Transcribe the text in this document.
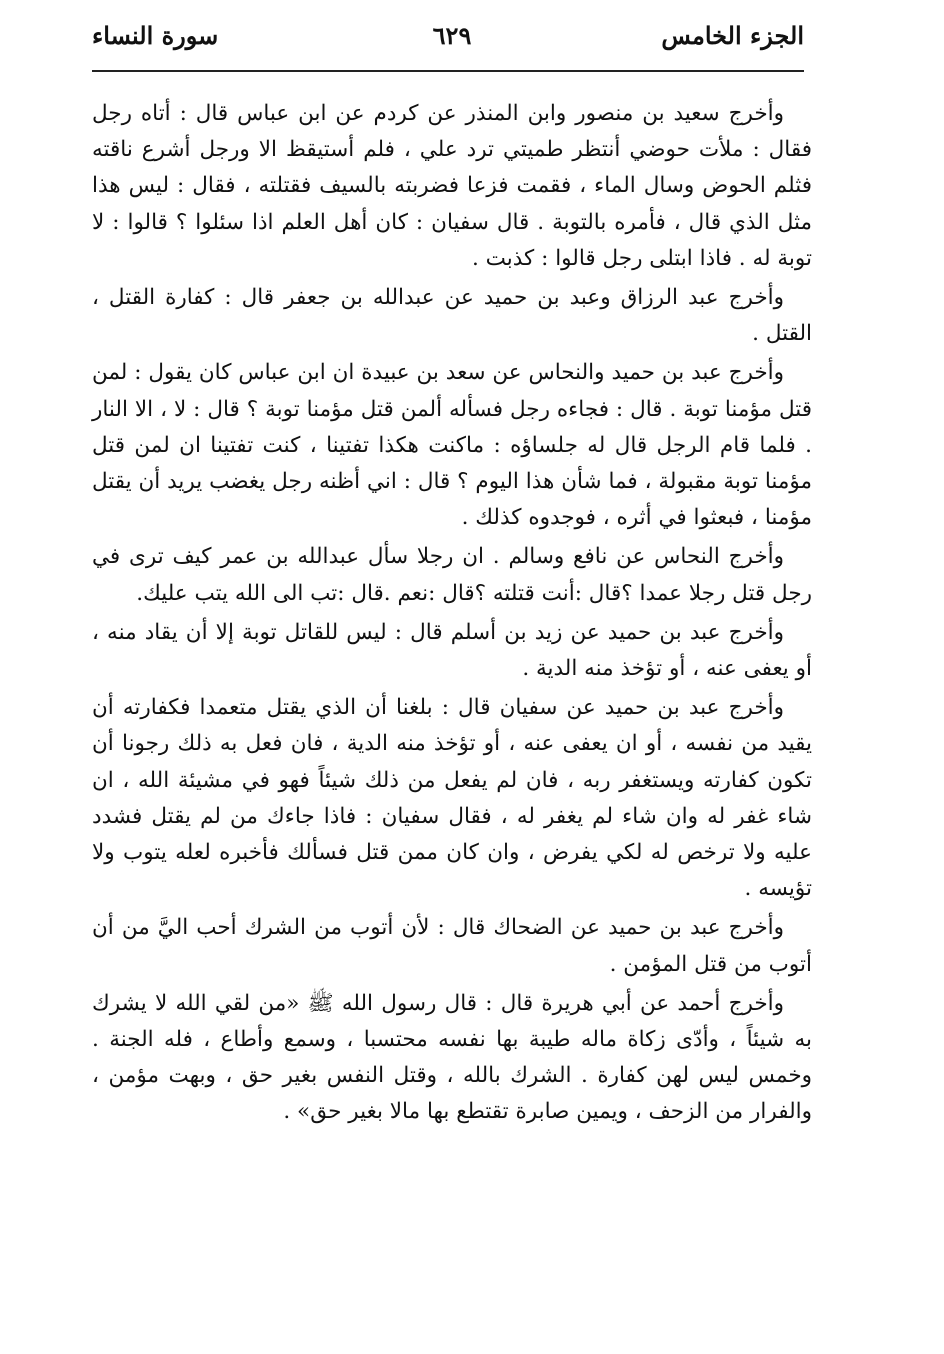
الجزء الخامس
٦٢٩
سورة النساء

وأخرج سعيد بن منصور وابن المنذر عن كردم عن ابن عباس قال : أتاه رجل فقال : ملأت حوضي أنتظر طميتي ترد علي ، فلم أستيقظ الا ورجل أشرع ناقته فثلم الحوض وسال الماء ، فقمت فزعا فضربته بالسيف فقتلته ، فقال : ليس هذا مثل الذي قال ، فأمره بالتوبة . قال سفيان : كان أهل العلم اذا سئلوا ؟ قالوا : لا توبة له . فاذا ابتلى رجل قالوا : كذبت .

وأخرج عبد الرزاق وعبد بن حميد عن عبدالله بن جعفر قال : كفارة القتل ، القتل .

وأخرج عبد بن حميد والنحاس عن سعد بن عبيدة ان ابن عباس كان يقول : لمن قتل مؤمنا توبة . قال : فجاءه رجل فسأله ألمن قتل مؤمنا توبة ؟ قال : لا ، الا النار . فلما قام الرجل قال له جلساؤه : ماكنت هكذا تفتينا ، كنت تفتينا ان لمن قتل مؤمنا توبة مقبولة ، فما شأن هذا اليوم ؟ قال : اني أظنه رجل يغضب يريد أن يقتل مؤمنا ، فبعثوا في أثره ، فوجدوه كذلك .

وأخرج النحاس عن نافع وسالم . ان رجلا سأل عبدالله بن عمر كيف ترى في رجل قتل رجلا عمدا ؟قال :أنت قتلته ؟قال :نعم .قال :تب الى الله يتب عليك.

وأخرج عبد بن حميد عن زيد بن أسلم قال : ليس للقاتل توبة إلا أن يقاد منه ، أو يعفى عنه ، أو تؤخذ منه الدية .

وأخرج عبد بن حميد عن سفيان قال : بلغنا أن الذي يقتل متعمدا فكفارته أن يقيد من نفسه ، أو ان يعفى عنه ، أو تؤخذ منه الدية ، فان فعل به ذلك رجونا أن تكون كفارته ويستغفر ربه ، فان لم يفعل من ذلك شيئاً فهو في مشيئة الله ، ان شاء غفر له وان شاء لم يغفر له ، فقال سفيان : فاذا جاءك من لم يقتل فشدد عليه ولا ترخص له لكي يفرض ، وان كان ممن قتل فسألك فأخبره لعله يتوب ولا تؤيسه .

وأخرج عبد بن حميد عن الضحاك قال : لأن أتوب من الشرك أحب اليَّ من أن أتوب من قتل المؤمن .

وأخرج أحمد عن أبي هريرة قال : قال رسول الله ﷺ «من لقي الله لا يشرك به شيئاً ، وأدّى زكاة ماله طيبة بها نفسه محتسبا ، وسمع وأطاع ، فله الجنة . وخمس ليس لهن كفارة . الشرك بالله ، وقتل النفس بغير حق ، وبهت مؤمن ، والفرار من الزحف ، ويمين صابرة تقتطع بها مالا بغير حق» .
